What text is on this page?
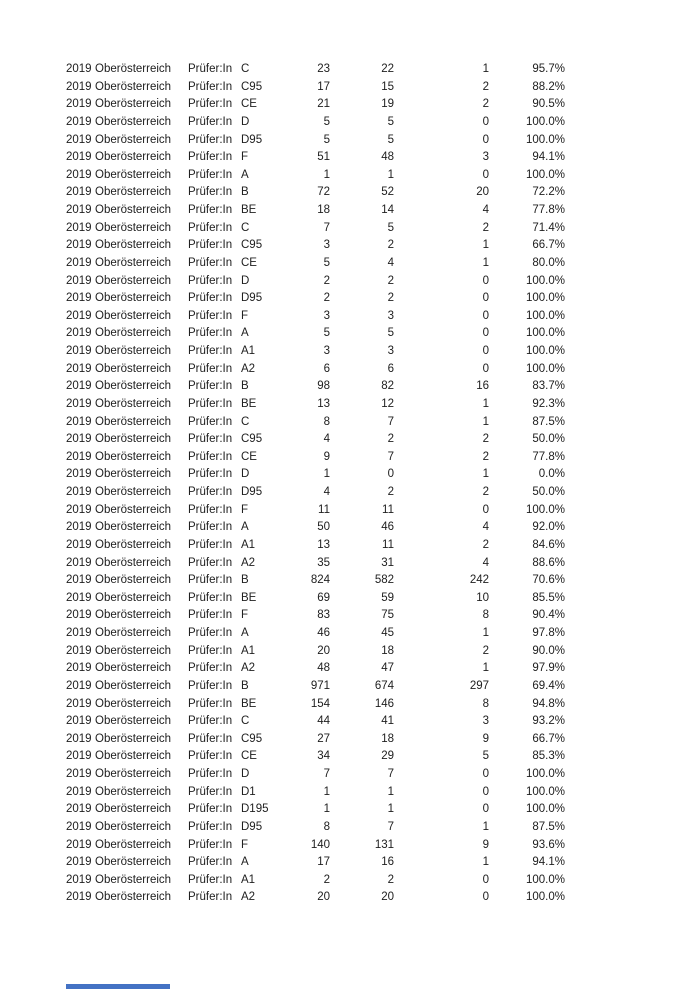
2019 Oberösterreich	Prüfer:In C	23	22	1	95.7%
2019 Oberösterreich	Prüfer:In C95	17	15	2	88.2%
2019 Oberösterreich	Prüfer:In CE	21	19	2	90.5%
2019 Oberösterreich	Prüfer:In D	5	5	0	100.0%
2019 Oberösterreich	Prüfer:In D95	5	5	0	100.0%
2019 Oberösterreich	Prüfer:In F	51	48	3	94.1%
2019 Oberösterreich	Prüfer:In A	1	1	0	100.0%
2019 Oberösterreich	Prüfer:In B	72	52	20	72.2%
2019 Oberösterreich	Prüfer:In BE	18	14	4	77.8%
2019 Oberösterreich	Prüfer:In C	7	5	2	71.4%
2019 Oberösterreich	Prüfer:In C95	3	2	1	66.7%
2019 Oberösterreich	Prüfer:In CE	5	4	1	80.0%
2019 Oberösterreich	Prüfer:In D	2	2	0	100.0%
2019 Oberösterreich	Prüfer:In D95	2	2	0	100.0%
2019 Oberösterreich	Prüfer:In F	3	3	0	100.0%
2019 Oberösterreich	Prüfer:In A	5	5	0	100.0%
2019 Oberösterreich	Prüfer:In A1	3	3	0	100.0%
2019 Oberösterreich	Prüfer:In A2	6	6	0	100.0%
2019 Oberösterreich	Prüfer:In B	98	82	16	83.7%
2019 Oberösterreich	Prüfer:In BE	13	12	1	92.3%
2019 Oberösterreich	Prüfer:In C	8	7	1	87.5%
2019 Oberösterreich	Prüfer:In C95	4	2	2	50.0%
2019 Oberösterreich	Prüfer:In CE	9	7	2	77.8%
2019 Oberösterreich	Prüfer:In D	1	0	1	0.0%
2019 Oberösterreich	Prüfer:In D95	4	2	2	50.0%
2019 Oberösterreich	Prüfer:In F	11	11	0	100.0%
2019 Oberösterreich	Prüfer:In A	50	46	4	92.0%
2019 Oberösterreich	Prüfer:In A1	13	11	2	84.6%
2019 Oberösterreich	Prüfer:In A2	35	31	4	88.6%
2019 Oberösterreich	Prüfer:In B	824	582	242	70.6%
2019 Oberösterreich	Prüfer:In BE	69	59	10	85.5%
2019 Oberösterreich	Prüfer:In F	83	75	8	90.4%
2019 Oberösterreich	Prüfer:In A	46	45	1	97.8%
2019 Oberösterreich	Prüfer:In A1	20	18	2	90.0%
2019 Oberösterreich	Prüfer:In A2	48	47	1	97.9%
2019 Oberösterreich	Prüfer:In B	971	674	297	69.4%
2019 Oberösterreich	Prüfer:In BE	154	146	8	94.8%
2019 Oberösterreich	Prüfer:In C	44	41	3	93.2%
2019 Oberösterreich	Prüfer:In C95	27	18	9	66.7%
2019 Oberösterreich	Prüfer:In CE	34	29	5	85.3%
2019 Oberösterreich	Prüfer:In D	7	7	0	100.0%
2019 Oberösterreich	Prüfer:In D1	1	1	0	100.0%
2019 Oberösterreich	Prüfer:In D195	1	1	0	100.0%
2019 Oberösterreich	Prüfer:In D95	8	7	1	87.5%
2019 Oberösterreich	Prüfer:In F	140	131	9	93.6%
2019 Oberösterreich	Prüfer:In A	17	16	1	94.1%
2019 Oberösterreich	Prüfer:In A1	2	2	0	100.0%
2019 Oberösterreich	Prüfer:In A2	20	20	0	100.0%
